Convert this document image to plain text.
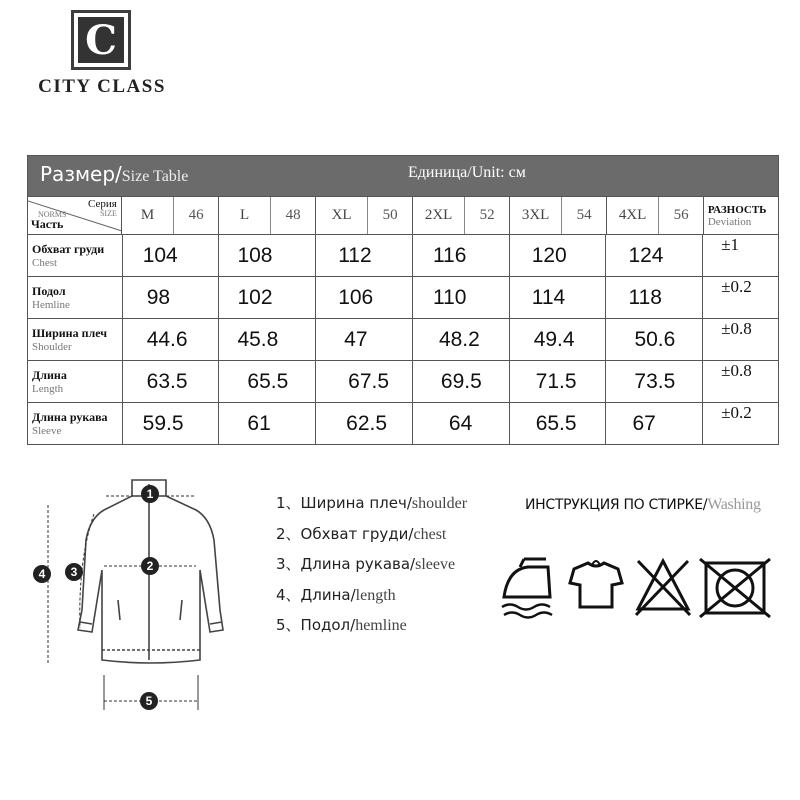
C
CITY CLASS
Размер/Size Table	Единица/Unit: см
Серия
NORMS	SIZE
Часть
M	46	L	48	XL	50	2XL	52	3XL	54	4XL	56	РАЗНОСТЬ
Deviation
Обхват груди
Chest	104	108	112	116	120	124	±1
Подол
Hemline	98	102	106	110	114	118	±0.2
Ширина плеч
Shoulder	44.6	45.8	47	48.2	49.4	50.6	±0.8
Длина
Length	63.5	65.5	67.5	69.5	71.5	73.5	±0.8
Длина рукава
Sleeve	59.5	61	62.5	64	65.5	67	±0.2
1
2
3
4
5
1、Ширина плеч/shoulder
2、Обхват груди/chest
3、Длина рукава/sleeve
4、Длина/length
5、Подол/hemline
ИНСТРУКЦИЯ ПО СТИРКЕ/Washing
